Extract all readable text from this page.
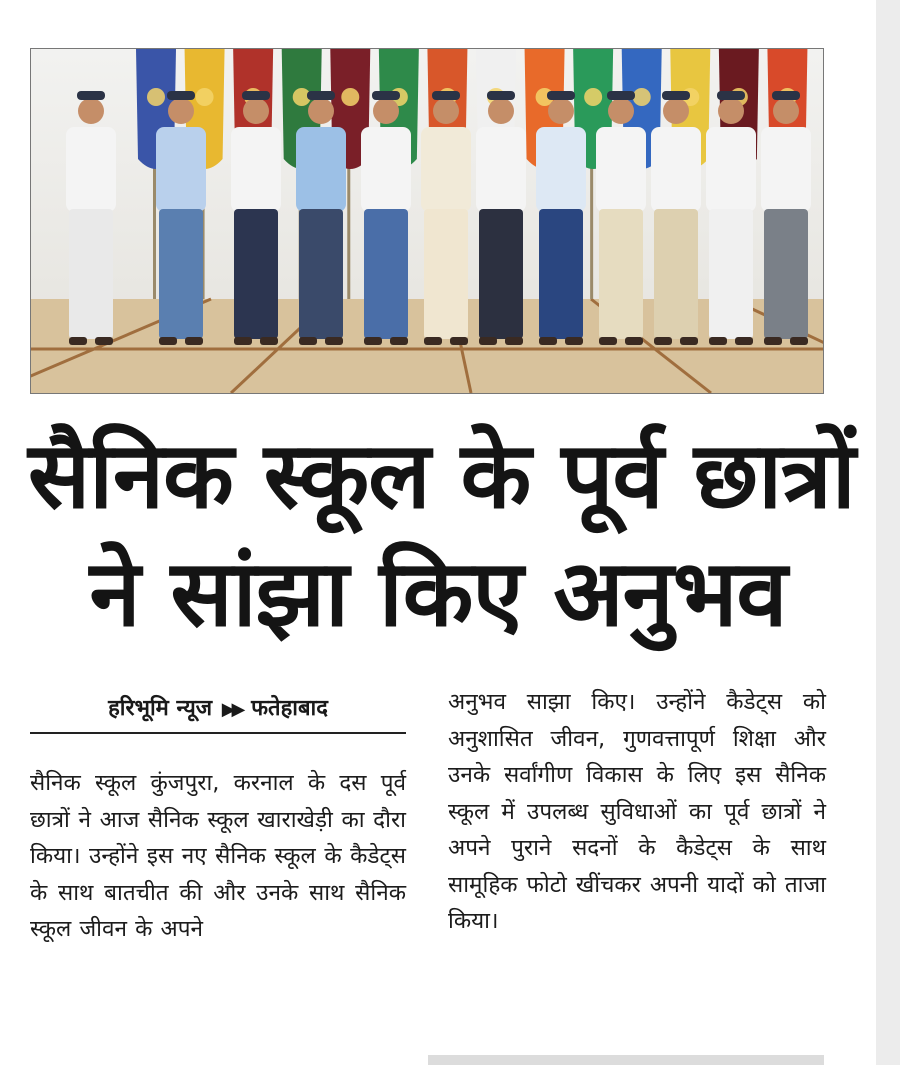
सैनिक स्कूल के पूर्व छात्रों
ने सांझा किए अनुभव
हरिभूमि न्यूज ▶▶ फतेहाबाद
सैनिक स्कूल कुंजपुरा, करनाल के दस पूर्व छात्रों ने आज सैनिक स्कूल खाराखेड़ी का दौरा किया। उन्होंने इस नए सैनिक स्कूल के कैडेट्स के साथ बातचीत की और उनके साथ सैनिक स्कूल जीवन के अपने
अनुभव साझा किए। उन्होंने कैडेट्स को अनुशासित जीवन, गुणवत्तापूर्ण शिक्षा और उनके सर्वांगीण विकास के लिए इस सैनिक स्कूल में उपलब्ध सुविधाओं का पूर्व छात्रों ने अपने पुराने सदनों के कैडेट्स के साथ सामूहिक फोटो खींचकर अपनी यादों को ताजा किया।
